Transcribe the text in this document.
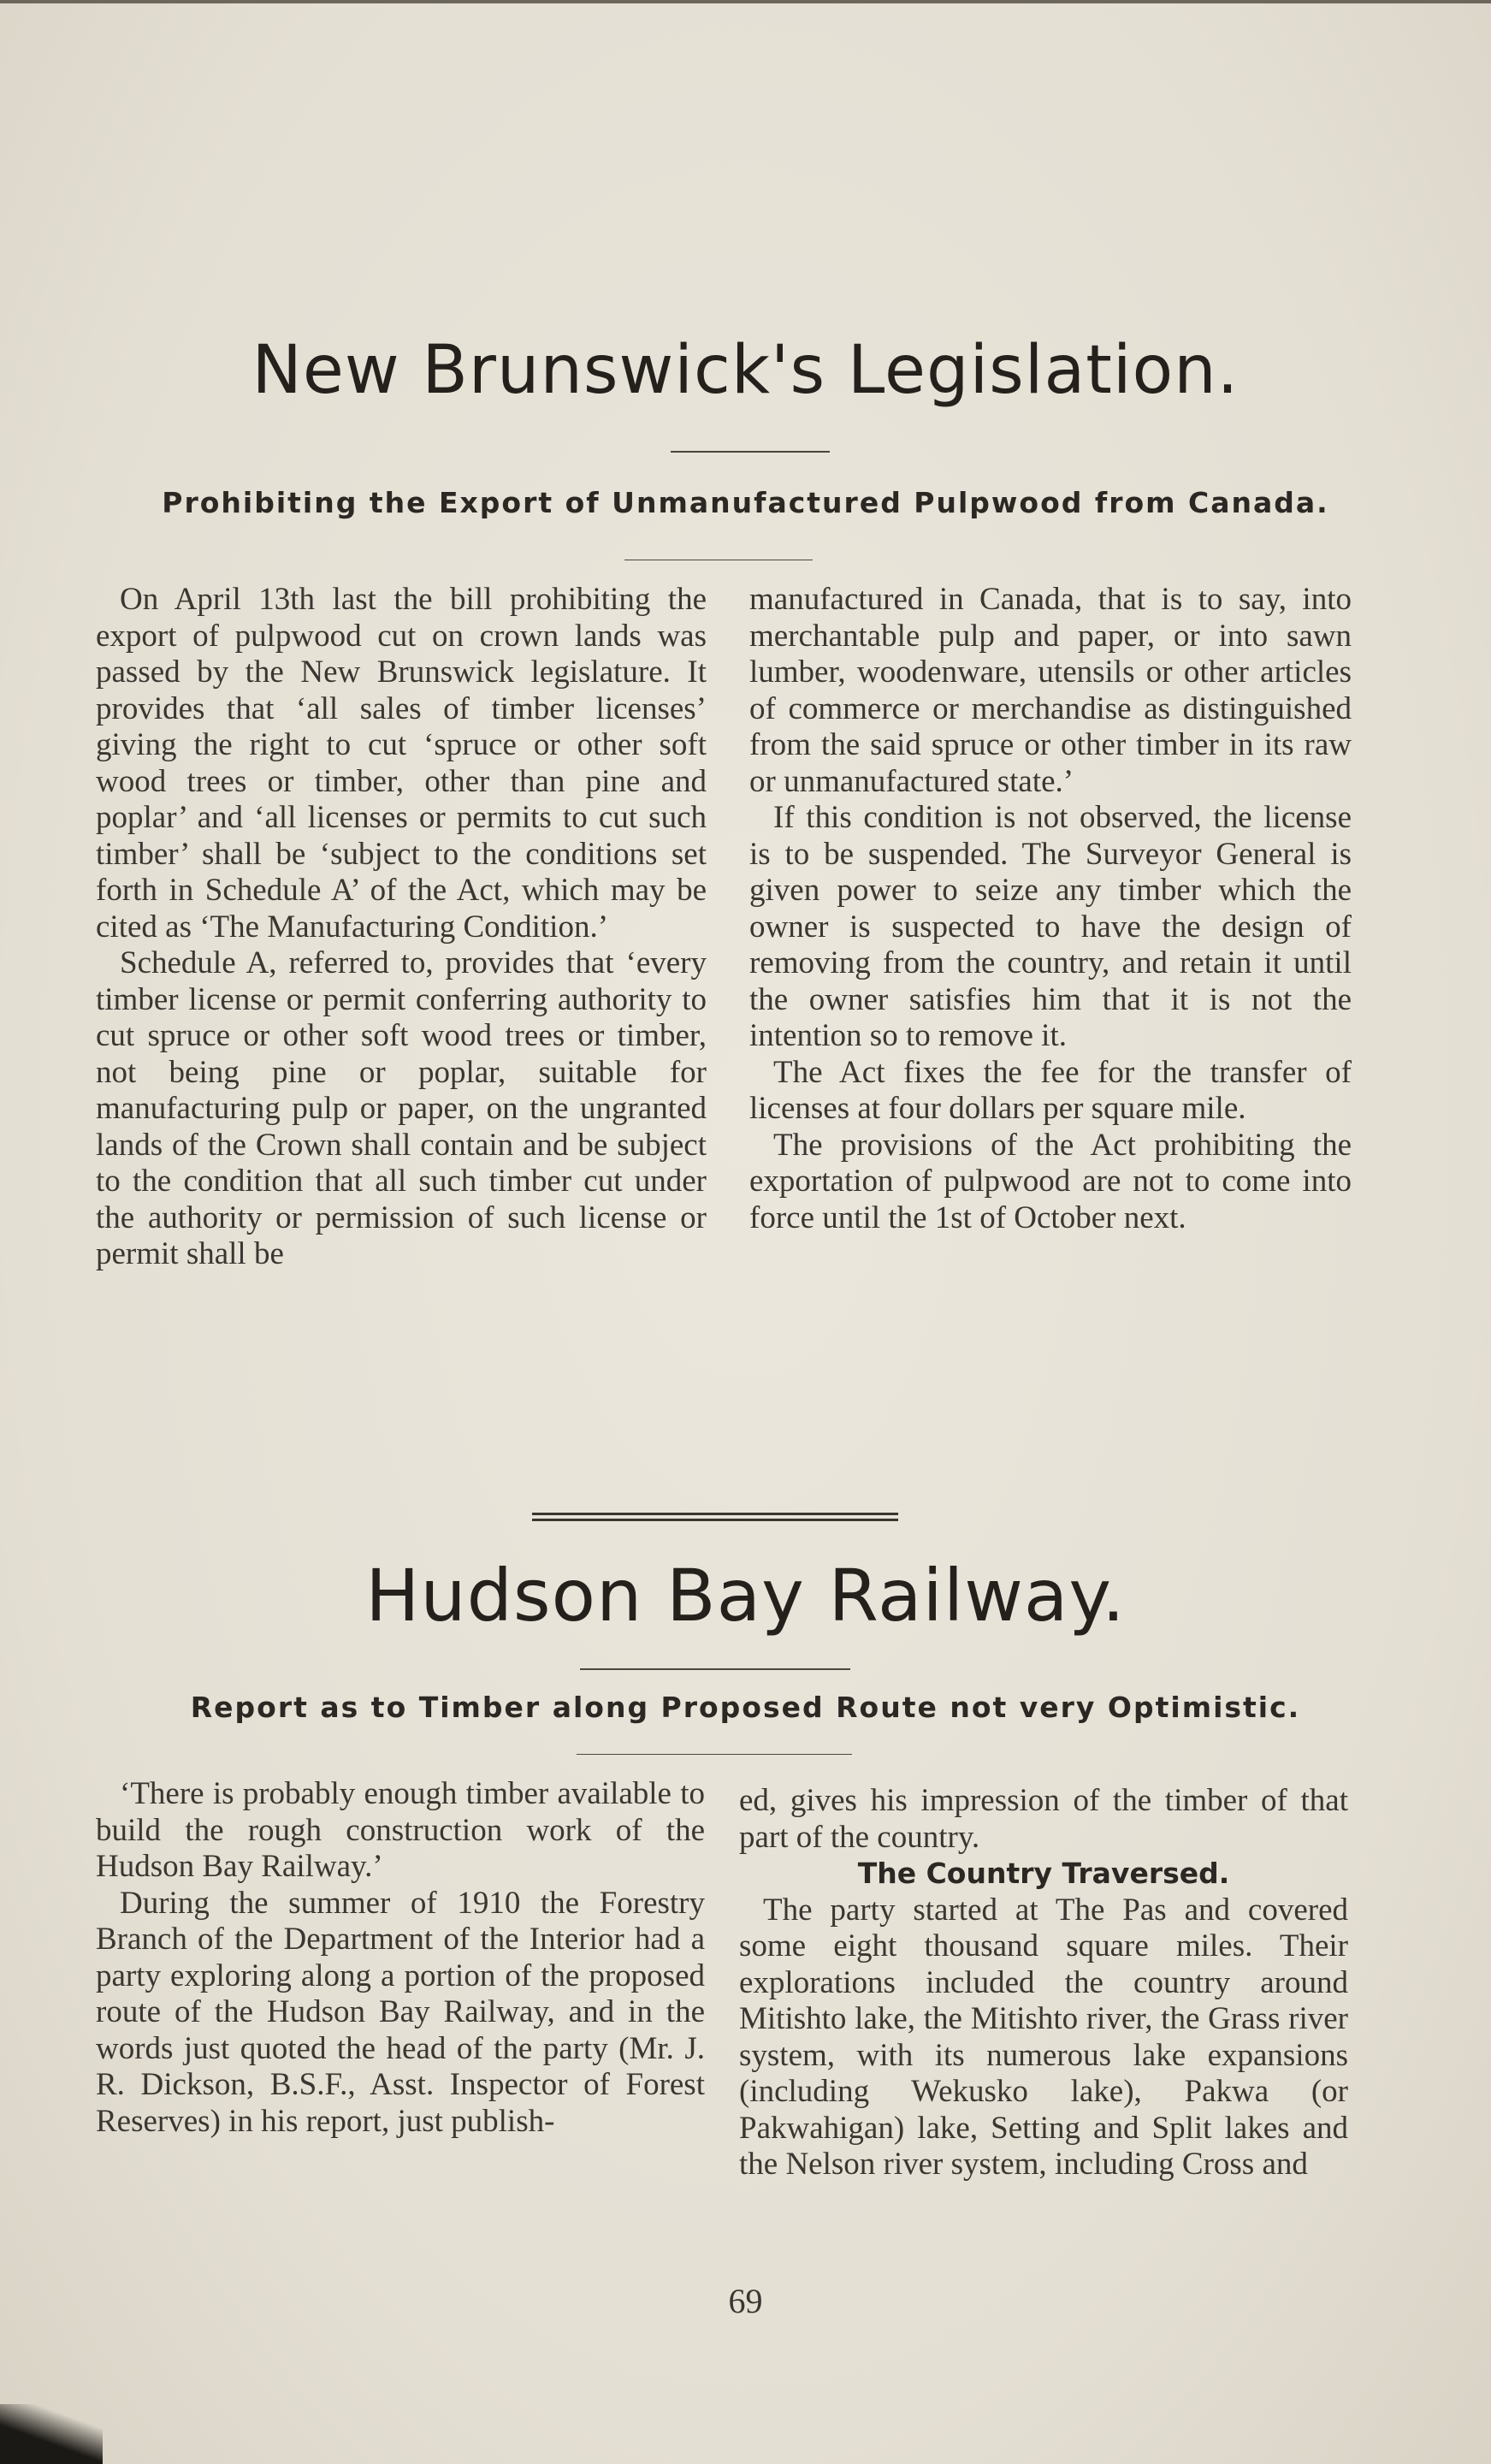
New Brunswick's Legislation.
Prohibiting the Export of Unmanufactured Pulpwood from Canada.

On April 13th last the bill prohibiting the export of pulpwood cut on crown lands was passed by the New Brunswick legislature. It provides that ‘all sales of timber licenses’ giving the right to cut ‘spruce or other soft wood trees or timber, other than pine and poplar’ and ‘all licenses or permits to cut such timber’ shall be ‘subject to the conditions set forth in Schedule A’ of the Act, which may be cited as ‘The Manufacturing Condition.’

Schedule A, referred to, provides that ‘every timber license or permit conferring authority to cut spruce or other soft wood trees or timber, not being pine or poplar, suitable for manufacturing pulp or paper, on the ungranted lands of the Crown shall contain and be subject to the condition that all such timber cut under the authority or permission of such license or permit shall be

manufactured in Canada, that is to say, into merchantable pulp and paper, or into sawn lumber, woodenware, utensils or other articles of commerce or merchandise as distinguished from the said spruce or other timber in its raw or unmanufactured state.’

If this condition is not observed, the license is to be suspended. The Surveyor General is given power to seize any timber which the owner is suspected to have the design of removing from the country, and retain it until the owner satisfies him that it is not the intention so to remove it.

The Act fixes the fee for the transfer of licenses at four dollars per square mile.

The provisions of the Act prohibiting the exportation of pulpwood are not to come into force until the 1st of October next.

Hudson Bay Railway.
Report as to Timber along Proposed Route not very Optimistic.

‘There is probably enough timber available to build the rough construction work of the Hudson Bay Railway.’

During the summer of 1910 the Forestry Branch of the Department of the Interior had a party exploring along a portion of the proposed route of the Hudson Bay Railway, and in the words just quoted the head of the party (Mr. J. R. Dickson, B.S.F., Asst. Inspector of Forest Reserves) in his report, just publish-

ed, gives his impression of the timber of that part of the country.

The Country Traversed.

The party started at The Pas and covered some eight thousand square miles. Their explorations included the country around Mitishto lake, the Mitishto river, the Grass river system, with its numerous lake expansions (including Wekusko lake), Pakwa (or Pakwahigan) lake, Setting and Split lakes and the Nelson river system, including Cross and

69
